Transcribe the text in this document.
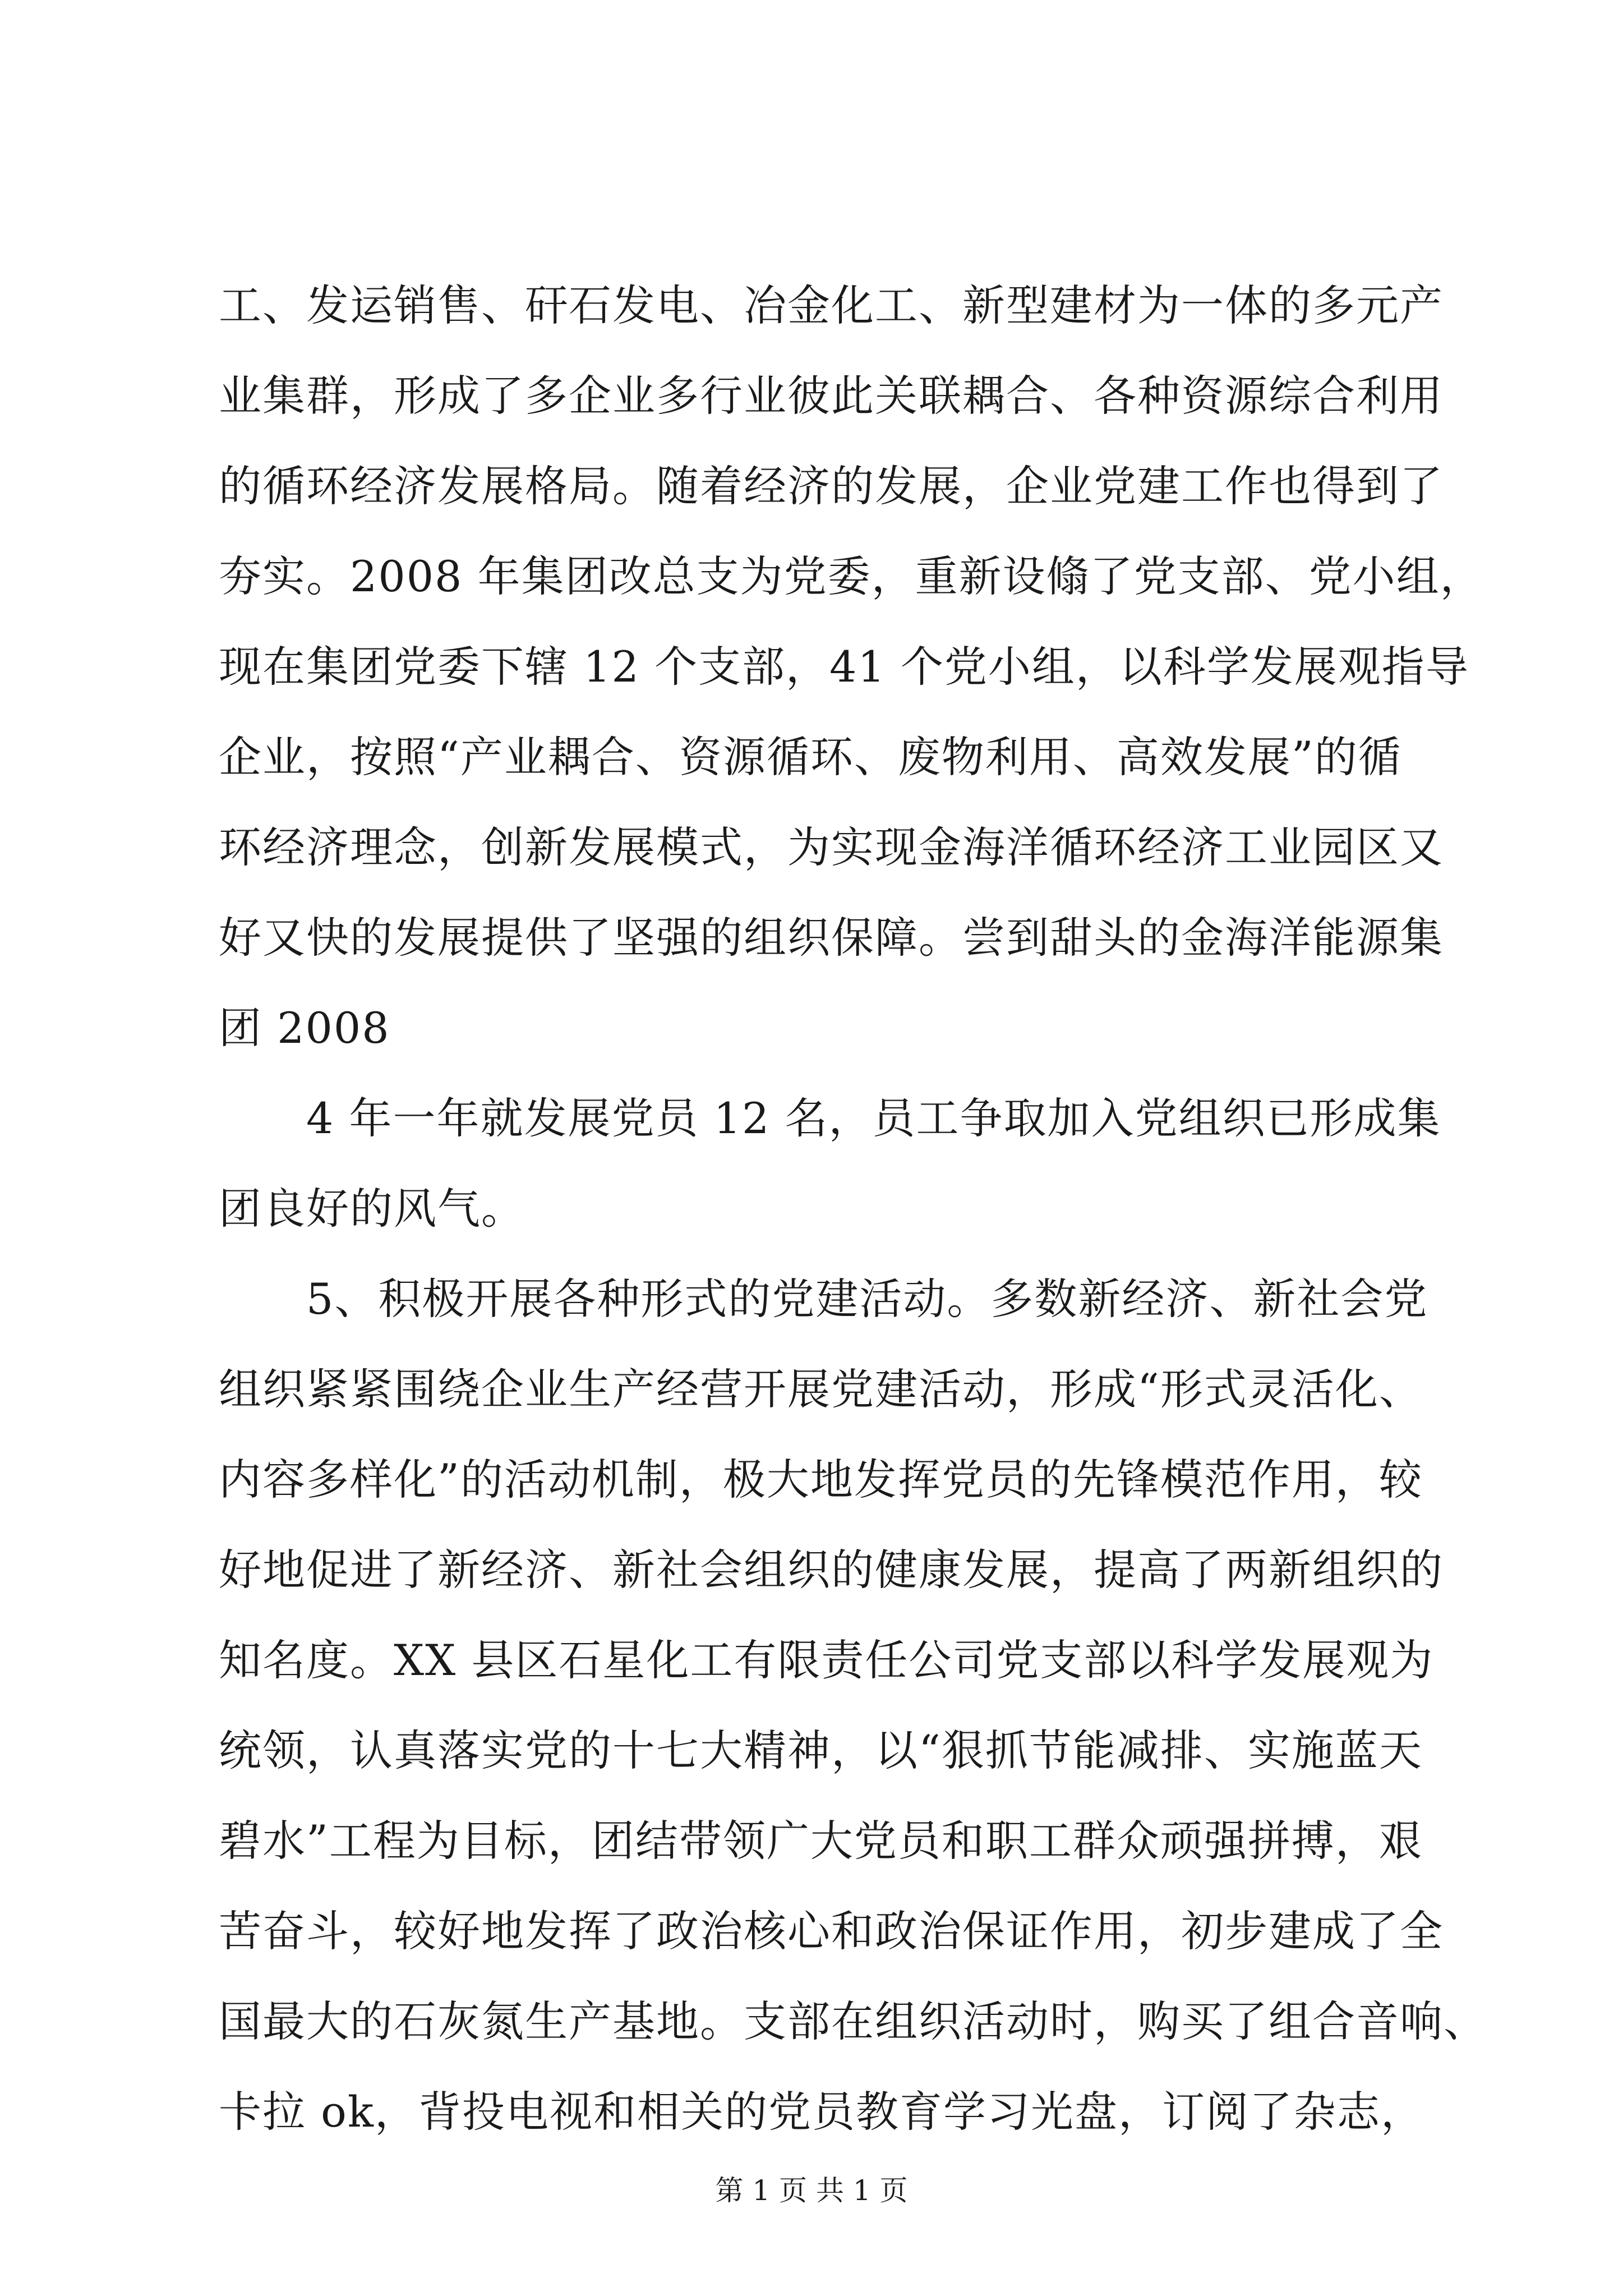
工、发运销售、矸石发电、冶金化工、新型建材为一体的多元产
业集群，形成了多企业多行业彼此关联耦合、各种资源综合利用
的循环经济发展格局。随着经济的发展，企业党建工作也得到了
夯实。2008 年集团改总支为党委，重新设翛了党支部、党小组，
现在集团党委下辖 12 个支部，41 个党小组，以科学发展观指导
企业，按照“产业耦合、资源循环、废物利用、高效发展”的循
环经济理念，创新发展模式，为实现金海洋循环经济工业园区又
好又快的发展提供了坚强的组织保障。尝到甜头的金海洋能源集
团 2008
　　4 年一年就发展党员 12 名，员工争取加入党组织已形成集
团良好的风气。
　　5、积极开展各种形式的党建活动。多数新经济、新社会党
组织紧紧围绕企业生产经营开展党建活动，形成“形式灵活化、
内容多样化”的活动机制，极大地发挥党员的先锋模范作用，较
好地促进了新经济、新社会组织的健康发展，提高了两新组织的
知名度。XX 县区石星化工有限责任公司党支部以科学发展观为
统领，认真落实党的十七大精神，以“狠抓节能减排、实施蓝天
碧水”工程为目标，团结带领广大党员和职工群众顽强拼搏，艰
苦奋斗，较好地发挥了政治核心和政治保证作用，初步建成了全
国最大的石灰氮生产基地。支部在组织活动时，购买了组合音响、
卡拉 ok，背投电视和相关的党员教育学习光盘，订阅了杂志，
第 1 页 共 1 页
